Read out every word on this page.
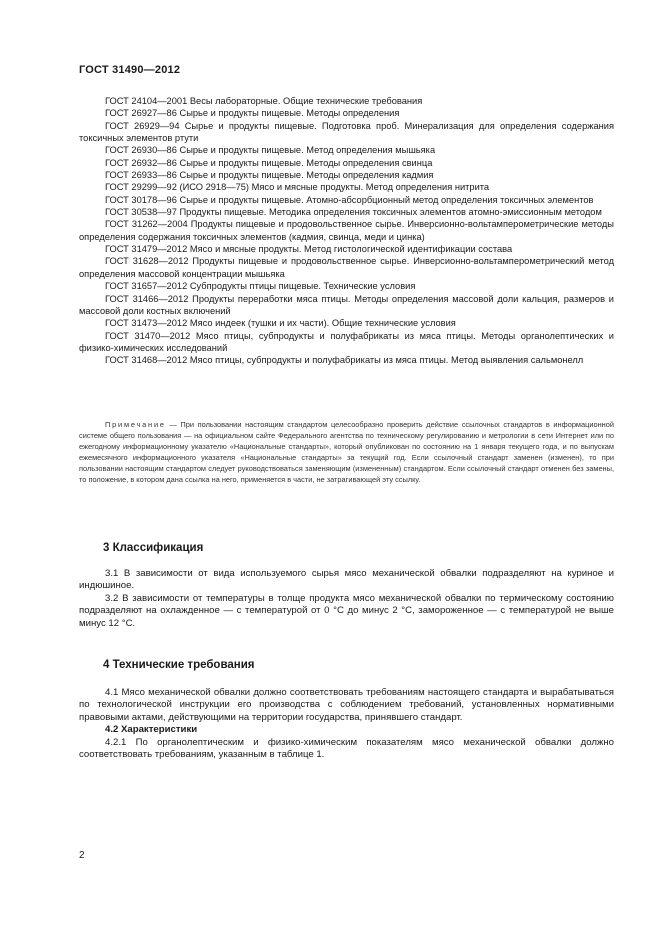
ГОСТ 31490—2012

ГОСТ 24104—2001 Весы лабораторные. Общие технические требования

ГОСТ 26927—86 Сырье и продукты пищевые. Методы определения

ГОСТ 26929—94 Сырье и продукты пищевые. Подготовка проб. Минерализация для определения содержания токсичных элементов ртути

ГОСТ 26930—86 Сырье и продукты пищевые. Метод определения мышьяка

ГОСТ 26932—86 Сырье и продукты пищевые. Методы определения свинца

ГОСТ 26933—86 Сырье и продукты пищевые. Методы определения кадмия

ГОСТ 29299—92 (ИСО 2918—75) Мясо и мясные продукты. Метод определения нитрита

ГОСТ 30178—96 Сырье и продукты пищевые. Атомно-абсорбционный метод определения токсичных элементов

ГОСТ 30538—97 Продукты пищевые. Методика определения токсичных элементов атомно-эмиссионным методом

ГОСТ 31262—2004 Продукты пищевые и продовольственное сырье. Инверсионно-вольтамперометрические методы определения содержания токсичных элементов (кадмия, свинца, меди и цинка)

ГОСТ 31479—2012 Мясо и мясные продукты. Метод гистологической идентификации состава

ГОСТ 31628—2012 Продукты пищевые и продовольственное сырье. Инверсионно-вольтамперометрический метод определения массовой концентрации мышьяка

ГОСТ 31657—2012 Субпродукты птицы пищевые. Технические условия

ГОСТ 31466—2012 Продукты переработки мяса птицы. Методы определения массовой доли кальция, размеров и массовой доли костных включений

ГОСТ 31473—2012 Мясо индеек (тушки и их части). Общие технические условия

ГОСТ 31470—2012 Мясо птицы, субпродукты и полуфабрикаты из мяса птицы. Методы органолептических и физико-химических исследований

ГОСТ 31468—2012 Мясо птицы, субпродукты и полуфабрикаты из мяса птицы. Метод выявления сальмонелл

Примечание — При пользовании настоящим стандартом целесообразно проверить действие ссылочных стандартов в информационной системе общего пользования — на официальном сайте Федерального агентства по техническому регулированию и метрологии в сети Интернет или по ежегодному информационному указателю «Национальные стандарты», который опубликован по состоянию на 1 января текущего года, и по выпускам ежемесячного информационного указателя «Национальные стандарты» за текущий год. Если ссылочный стандарт заменен (изменен), то при пользовании настоящим стандартом следует руководствоваться заменяющим (измененным) стандартом. Если ссылочный стандарт отменен без замены, то положение, в котором дана ссылка на него, применяется в части, не затрагивающей эту ссылку.

3 Классификация

3.1 В зависимости от вида используемого сырья мясо механической обвалки подразделяют на куриное и индюшиное.

3.2 В зависимости от температуры в толще продукта мясо механической обвалки по термическому состоянию подразделяют на охлажденное — с температурой от 0 °С до минус 2 °С, замороженное — с температурой не выше минус 12 °С.

4 Технические требования

4.1 Мясо механической обвалки должно соответствовать требованиям настоящего стандарта и вырабатываться по технологической инструкции его производства с соблюдением требований, установленных нормативными правовыми актами, действующими на территории государства, принявшего стандарт.

4.2 Характеристики

4.2.1 По органолептическим и физико-химическим показателям мясо механической обвалки должно соответствовать требованиям, указанным в таблице 1.

2
